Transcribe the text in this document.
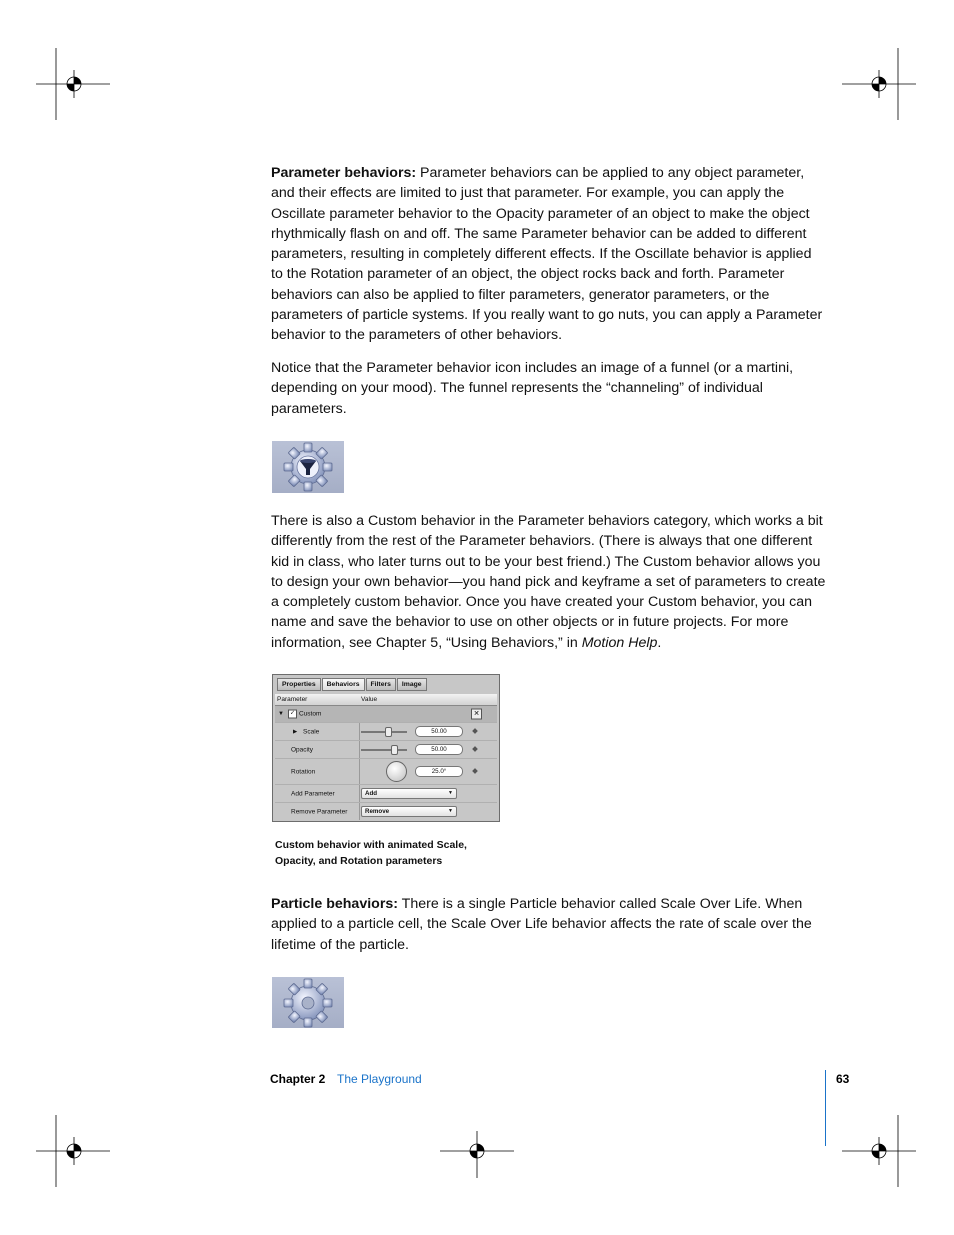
Parameter behaviors: Parameter behaviors can be applied to any object parameter, and their effects are limited to just that parameter. For example, you can apply the Oscillate parameter behavior to the Opacity parameter of an object to make the object rhythmically flash on and off. The same Parameter behavior can be added to different parameters, resulting in completely different effects. If the Oscillate behavior is applied to the Rotation parameter of an object, the object rocks back and forth. Parameter behaviors can also be applied to filter parameters, generator parameters, or the parameters of particle systems. If you really want to go nuts, you can apply a Parameter behavior to the parameters of other behaviors.
Notice that the Parameter behavior icon includes an image of a funnel (or a martini, depending on your mood). The funnel represents the “channeling” of individual parameters.
There is also a Custom behavior in the Parameter behaviors category, which works a bit differently from the rest of the Parameter behaviors. (There is always that one different kid in class, who later turns out to be your best friend.) The Custom behavior allows you to design your own behavior—you hand pick and keyframe a set of parameters to create a completely custom behavior. Once you have created your Custom behavior, you can name and save the behavior to use on other objects or in future projects. For more information, see Chapter 5, “Using Behaviors,” in Motion Help.
Properties	Behaviors	Filters	Image
Parameter	Value
▼	✓ Custom	✕
▶ Scale	50.00
Opacity	50.00
Rotation	25.0°
Add Parameter	Add	▼
Remove Parameter	Remove	▼
Custom behavior with animated Scale, Opacity, and Rotation parameters
Particle behaviors: There is a single Particle behavior called Scale Over Life. When applied to a particle cell, the Scale Over Life behavior affects the rate of scale over the lifetime of the particle.
Chapter 2 The Playground	63
